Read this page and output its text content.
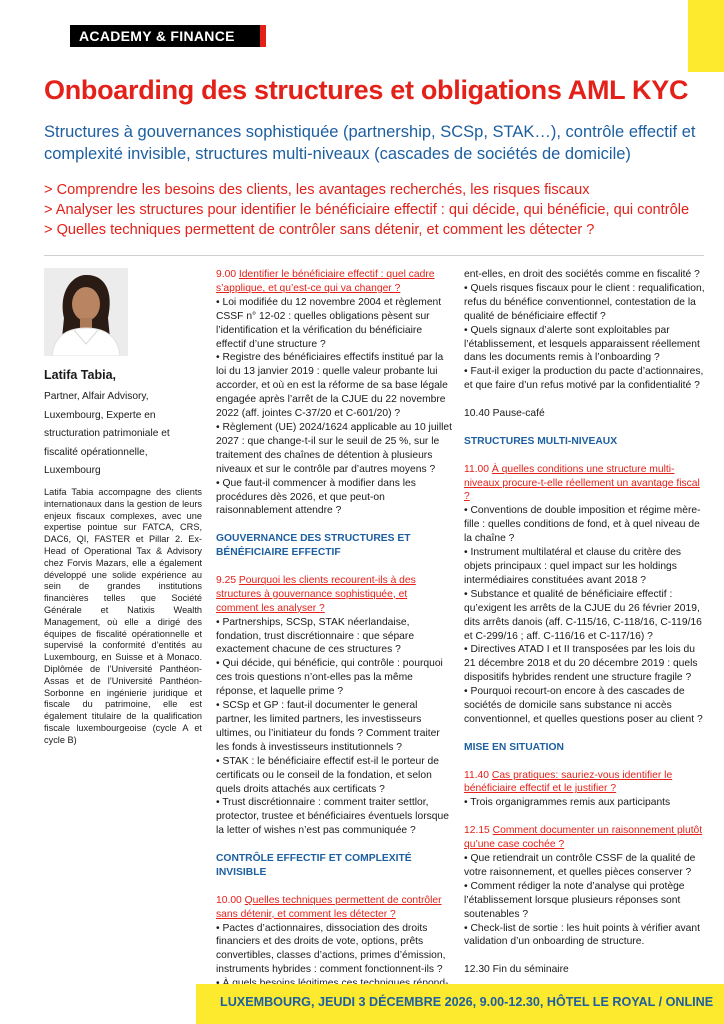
ACADEMY & FINANCE
Onboarding des structures et obligations AML KYC
Structures à gouvernances sophistiquée (partnership, SCSp, STAK…), contrôle effectif et complexité invisible, structures multi-niveaux (cascades de sociétés de domicile)
> Comprendre les besoins des clients, les avantages recherchés, les risques fiscaux
> Analyser les structures pour identifier le bénéficiaire effectif : qui décide, qui bénéficie, qui contrôle
> Quelles techniques permettent de contrôler sans détenir, et comment les détecter ?
Latifa Tabia,
Partner, Alfair Advisory, Luxembourg, Experte en structuration patrimoniale et fiscalité opérationnelle, Luxembourg
Latifa Tabia accompagne des clients internationaux dans la gestion de leurs enjeux fiscaux complexes, avec une expertise pointue sur FATCA, CRS, DAC6, QI, FASTER et Pillar 2. Ex-Head of Operational Tax & Advisory chez Forvis Mazars, elle a également développé une solide expérience au sein de grandes institutions financières telles que Société Générale et Natixis Wealth Management, où elle a dirigé des équipes de fiscalité opérationnelle et supervisé la conformité d’entités au Luxembourg, en Suisse et à Monaco. Diplômée de l’Université Panthéon-Assas et de l’Université Panthéon-Sorbonne en ingénierie juridique et fiscale du patrimoine, elle est également titulaire de la qualification fiscale luxembourgeoise (cycle A et cycle B)

9.00 Identifier le bénéficiaire effectif : quel cadre s’applique, et qu’est-ce qui va changer ?

• Loi modifiée du 12 novembre 2004 et règlement CSSF n° 12-02 : quelles obligations pèsent sur l’identification et la vérification du bénéficiaire effectif d’une structure ?

• Registre des bénéficiaires effectifs institué par la loi du 13 janvier 2019 : quelle valeur probante lui accorder, et où en est la réforme de sa base légale engagée après l’arrêt de la CJUE du 22 novembre 2022 (aff. jointes C-37/20 et C-601/20) ?

• Règlement (UE) 2024/1624 applicable au 10 juillet 2027 : que change-t-il sur le seuil de 25 %, sur le traitement des chaînes de détention à plusieurs niveaux et sur le contrôle par d’autres moyens ?

• Que faut-il commencer à modifier dans les procédures dès 2026, et que peut-on raisonnablement attendre ?

GOUVERNANCE DES STRUCTURES ET BÉNÉFICIAIRE EFFECTIF

9.25 Pourquoi les clients recourent-ils à des structures à gouvernance sophistiquée, et comment les analyser ?

• Partnerships, SCSp, STAK néerlandaise, fondation, trust discrétionnaire : que sépare exactement chacune de ces structures ?

• Qui décide, qui bénéficie, qui contrôle : pourquoi ces trois questions n’ont-elles pas la même réponse, et laquelle prime ?

• SCSp et GP : faut-il documenter le general partner, les limited partners, les investisseurs ultimes, ou l’initiateur du fonds ? Comment traiter les fonds à investisseurs institutionnels ?

• STAK : le bénéficiaire effectif est-il le porteur de certificats ou le conseil de la fondation, et selon quels droits attachés aux certificats ?

• Trust discrétionnaire : comment traiter settlor, protector, trustee et bénéficiaires éventuels lorsque la letter of wishes n’est pas communiquée ?

CONTRÔLE EFFECTIF ET COMPLEXITÉ INVISIBLE

10.00 Quelles techniques permettent de contrôler sans détenir, et comment les détecter ?

• Pactes d’actionnaires, dissociation des droits financiers et des droits de vote, options, prêts convertibles, classes d’actions, primes d’émission, instruments hybrides : comment fonctionnent-ils ?

ent-elles, en droit des sociétés comme en fiscalité ?

• Quels risques fiscaux pour le client : requalification, refus du bénéfice conventionnel, contestation de la qualité de bénéficiaire effectif ?

• Quels signaux d’alerte sont exploitables par l’établissement, et lesquels apparaissent réellement dans les documents remis à l’onboarding ?

• Faut-il exiger la production du pacte d’actionnaires, et que faire d’un refus motivé par la confidentialité ?

10.40 Pause-café

STRUCTURES MULTI-NIVEAUX

11.00 À quelles conditions une structure multi-niveaux procure-t-elle réellement un avantage fiscal ?

• Conventions de double imposition et régime mère-fille : quelles conditions de fond, et à quel niveau de la chaîne ?

• Instrument multilatéral et clause du critère des objets principaux : quel impact sur les holdings intermédiaires constituées avant 2018 ?

• Substance et qualité de bénéficiaire effectif : qu’exigent les arrêts de la CJUE du 26 février 2019, dits arrêts danois (aff. C-115/16, C-118/16, C-119/16 et C-299/16 ; aff. C-116/16 et C-117/16) ?

• Directives ATAD I et II transposées par les lois du 21 décembre 2018 et du 20 décembre 2019 : quels dispositifs hybrides rendent une structure fragile ?

• Pourquoi recourt-on encore à des cascades de sociétés de domicile sans substance ni accès conventionnel, et quelles questions poser au client ?

MISE EN SITUATION

11.40 Cas pratiques: sauriez-vous identifier le bénéficiaire effectif et le justifier ?

• Trois organigrammes remis aux participants

12.15 Comment documenter un raisonnement plutôt qu’une case cochée ?

• Que retiendrait un contrôle CSSF de la qualité de votre raisonnement, et quelles pièces conserver ?

• Comment rédiger la note d’analyse qui protège l’établissement lorsque plusieurs réponses sont soutenables ?

• Check-list de sortie : les huit points à vérifier avant validation d’un onboarding de structure.

12.30 Fin du séminaire

LUXEMBOURG, JEUDI 3 DÉCEMBRE 2026, 9.00-12.30, HÔTEL LE ROYAL / ONLINE
